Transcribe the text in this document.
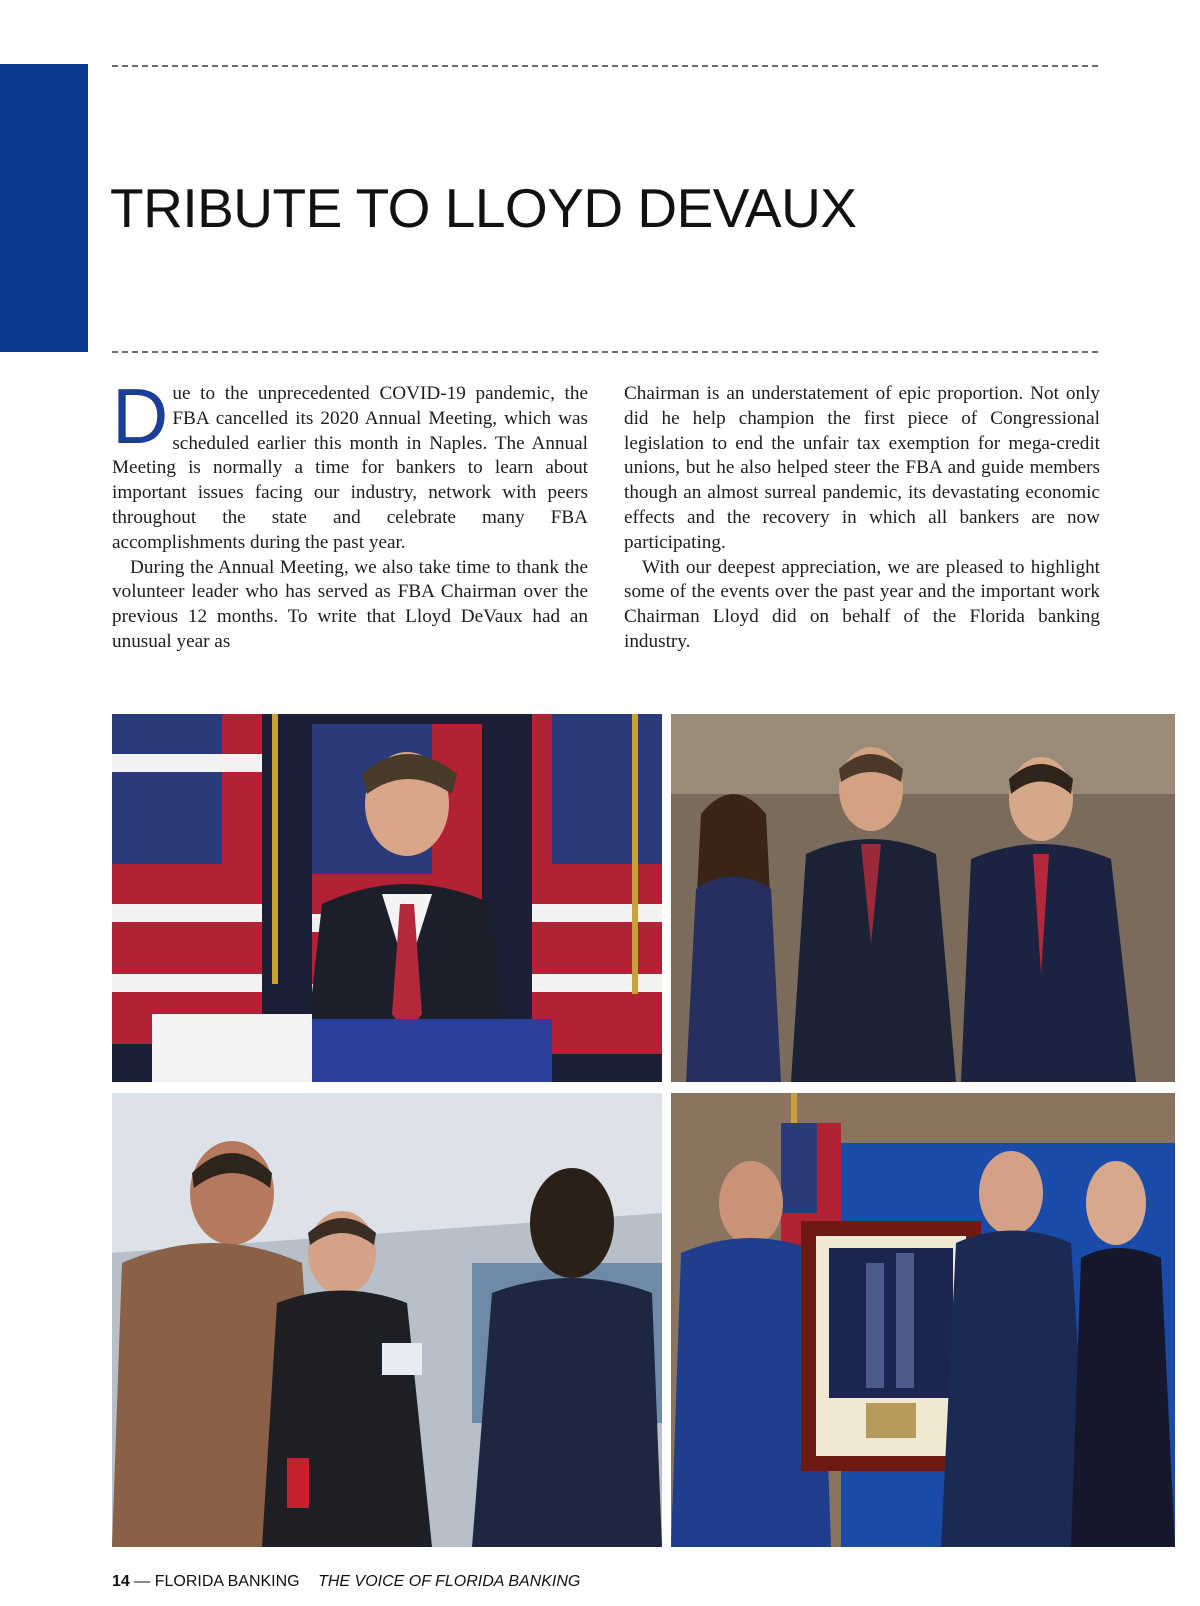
TRIBUTE TO LLOYD DEVAUX

Due to the unprecedented COVID-19 pandemic, the FBA cancelled its 2020 Annual Meeting, which was scheduled earlier this month in Naples. The Annual Meeting is normally a time for bankers to learn about important issues facing our industry, network with peers throughout the state and celebrate many FBA accomplishments during the past year.

During the Annual Meeting, we also take time to thank the volunteer leader who has served as FBA Chairman over the previous 12 months. To write that Lloyd DeVaux had an unusual year as

Chairman is an understatement of epic proportion. Not only did he help champion the first piece of Congressional legislation to end the unfair tax exemption for mega-credit unions, but he also helped steer the FBA and guide members though an almost surreal pandemic, its devastating economic effects and the recovery in which all bankers are now participating.

With our deepest appreciation, we are pleased to highlight some of the events over the past year and the important work Chairman Lloyd did on behalf of the Florida banking industry.

14 — FLORIDA BANKING THE VOICE OF FLORIDA BANKING
